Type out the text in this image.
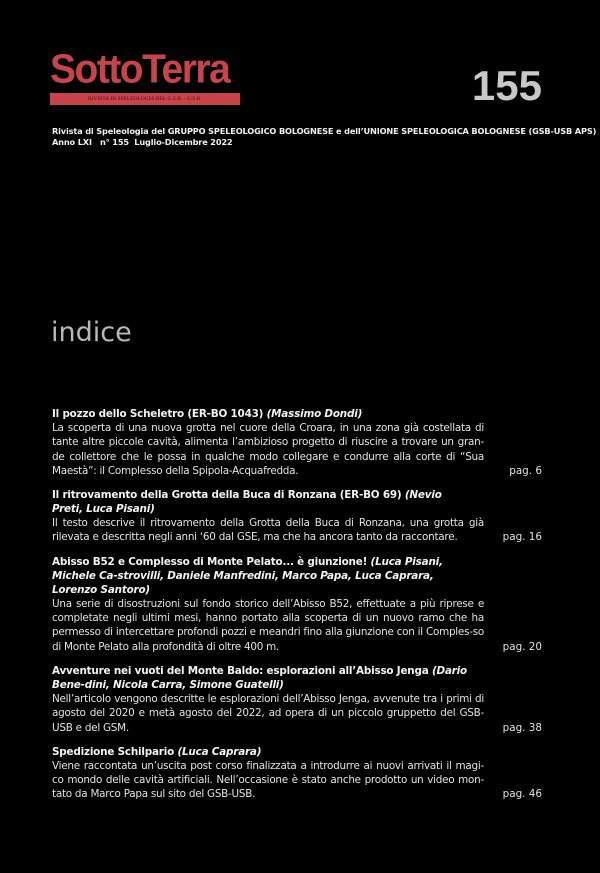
SottoTerra
RIVISTA DI SPELEOLOGIA DEL G.S.B. - U.S.B.	155
Rivista di Speleologia del GRUPPO SPELEOLOGICO BOLOGNESE e dell’UNIONE SPELEOLOGICA BOLOGNESE (GSB-USB APS)
Anno LXI   n° 155  Luglio-Dicembre 2022
indice
Il pozzo dello Scheletro (ER-BO 1043) (Massimo Dondi)
La scoperta di una nuova grotta nel cuore della Croara, in una zona già costellata di tante altre piccole cavità, alimenta l’ambizioso progetto di riuscire a trovare un gran-de collettore che le possa in qualche modo collegare e condurre alla corte di “Sua Maestà”: il Complesso della Spipola-Acquafredda.	pag. 6
Il ritrovamento della Grotta della Buca di Ronzana (ER-BO 69) (Nevio Preti, Luca Pisani)
Il testo descrive il ritrovamento della Grotta della Buca di Ronzana, una grotta già rilevata e descritta negli anni ‘60 dal GSE, ma che ha ancora tanto da raccontare.	pag. 16
Abisso B52 e Complesso di Monte Pelato... è giunzione! (Luca Pisani, Michele Ca-strovilli, Daniele Manfredini, Marco Papa, Luca Caprara, Lorenzo Santoro)
Una serie di disostruzioni sul fondo storico dell’Abisso B52, effettuate a più riprese e completate negli ultimi mesi, hanno portato alla scoperta di un nuovo ramo che ha permesso di intercettare profondi pozzi e meandri fino alla giunzione con il Comples-so di Monte Pelato alla profondità di oltre 400 m.	pag. 20
Avventure nei vuoti del Monte Baldo: esplorazioni all’Abisso Jenga (Dario Bene-dini, Nicola Carra, Simone Guatelli)
Nell’articolo vengono descritte le esplorazioni dell’Abisso Jenga, avvenute tra i primi di agosto del 2020 e metà agosto del 2022, ad opera di un piccolo gruppetto del GSB-USB e del GSM.	pag. 38
Spedizione Schilpario (Luca Caprara)
Viene raccontata un’uscita post corso finalizzata a introdurre ai nuovi arrivati il magi-co mondo delle cavità artificiali. Nell’occasione è stato anche prodotto un video mon-tato da Marco Papa sul sito del GSB-USB.	pag. 46
